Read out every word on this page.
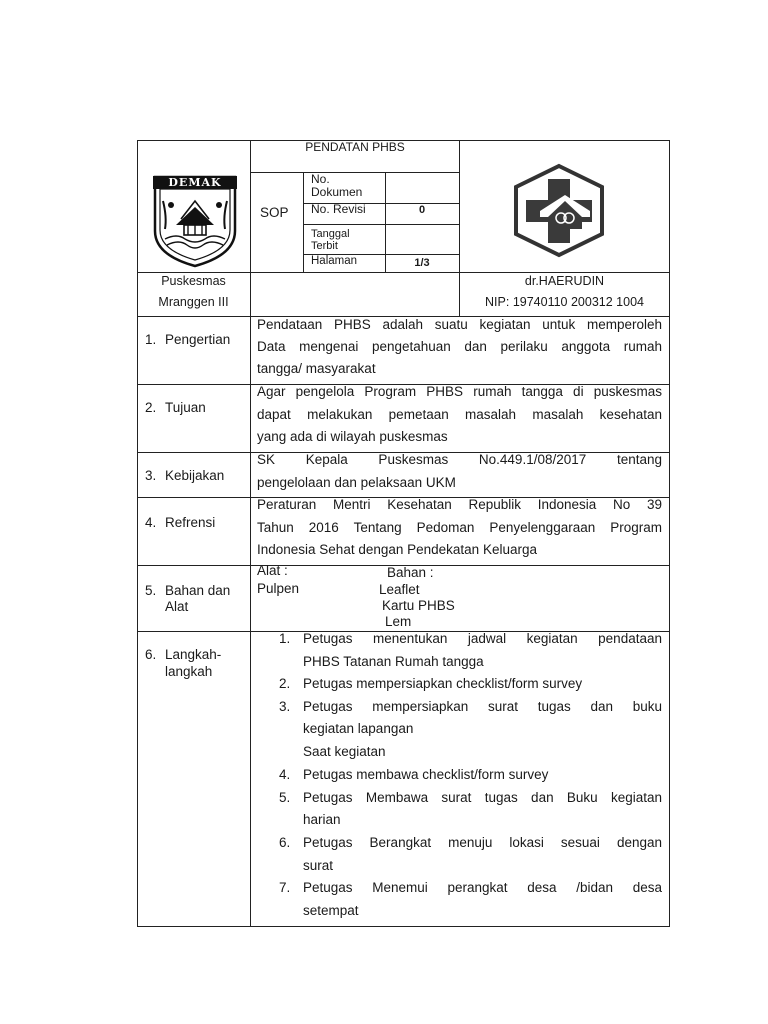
DEMAK
PENDATAN PHBS
SOP
No. Dokumen
No. Revisi	0
Tanggal Terbit
Halaman	1/3
Puskesmas
Mranggen III
dr.HAERUDIN
NIP: 19740110 200312 1004
1. Pengertian
Pendataan PHBS adalah suatu kegiatan untuk memperoleh
Data mengenai pengetahuan dan perilaku anggota rumah
tangga/ masyarakat
2. Tujuan
Agar pengelola Program PHBS rumah tangga di puskesmas
dapat melakukan pemetaan masalah masalah kesehatan
yang ada di wilayah puskesmas
3. Kebijakan
SK Kepala Puskesmas No.449.1/08/2017 tentang
pengelolaan dan pelaksaan UKM
4. Refrensi
Peraturan Mentri Kesehatan Republik Indonesia No 39
Tahun 2016 Tentang Pedoman Penyelenggaraan Program
Indonesia Sehat dengan Pendekatan Keluarga
5. Bahan dan
Alat
Alat :
Pulpen
Bahan :
Leaflet
Kartu PHBS
Lem
6. Langkah-
langkah
1. Petugas menentukan jadwal kegiatan pendataan
PHBS Tatanan Rumah tangga
2. Petugas mempersiapkan checklist/form survey
3. Petugas mempersiapkan surat tugas dan buku
kegiatan lapangan
Saat kegiatan
4. Petugas membawa checklist/form survey
5. Petugas Membawa surat tugas dan Buku kegiatan
harian
6. Petugas Berangkat menuju lokasi sesuai dengan
surat
7. Petugas Menemui perangkat desa /bidan desa
setempat
